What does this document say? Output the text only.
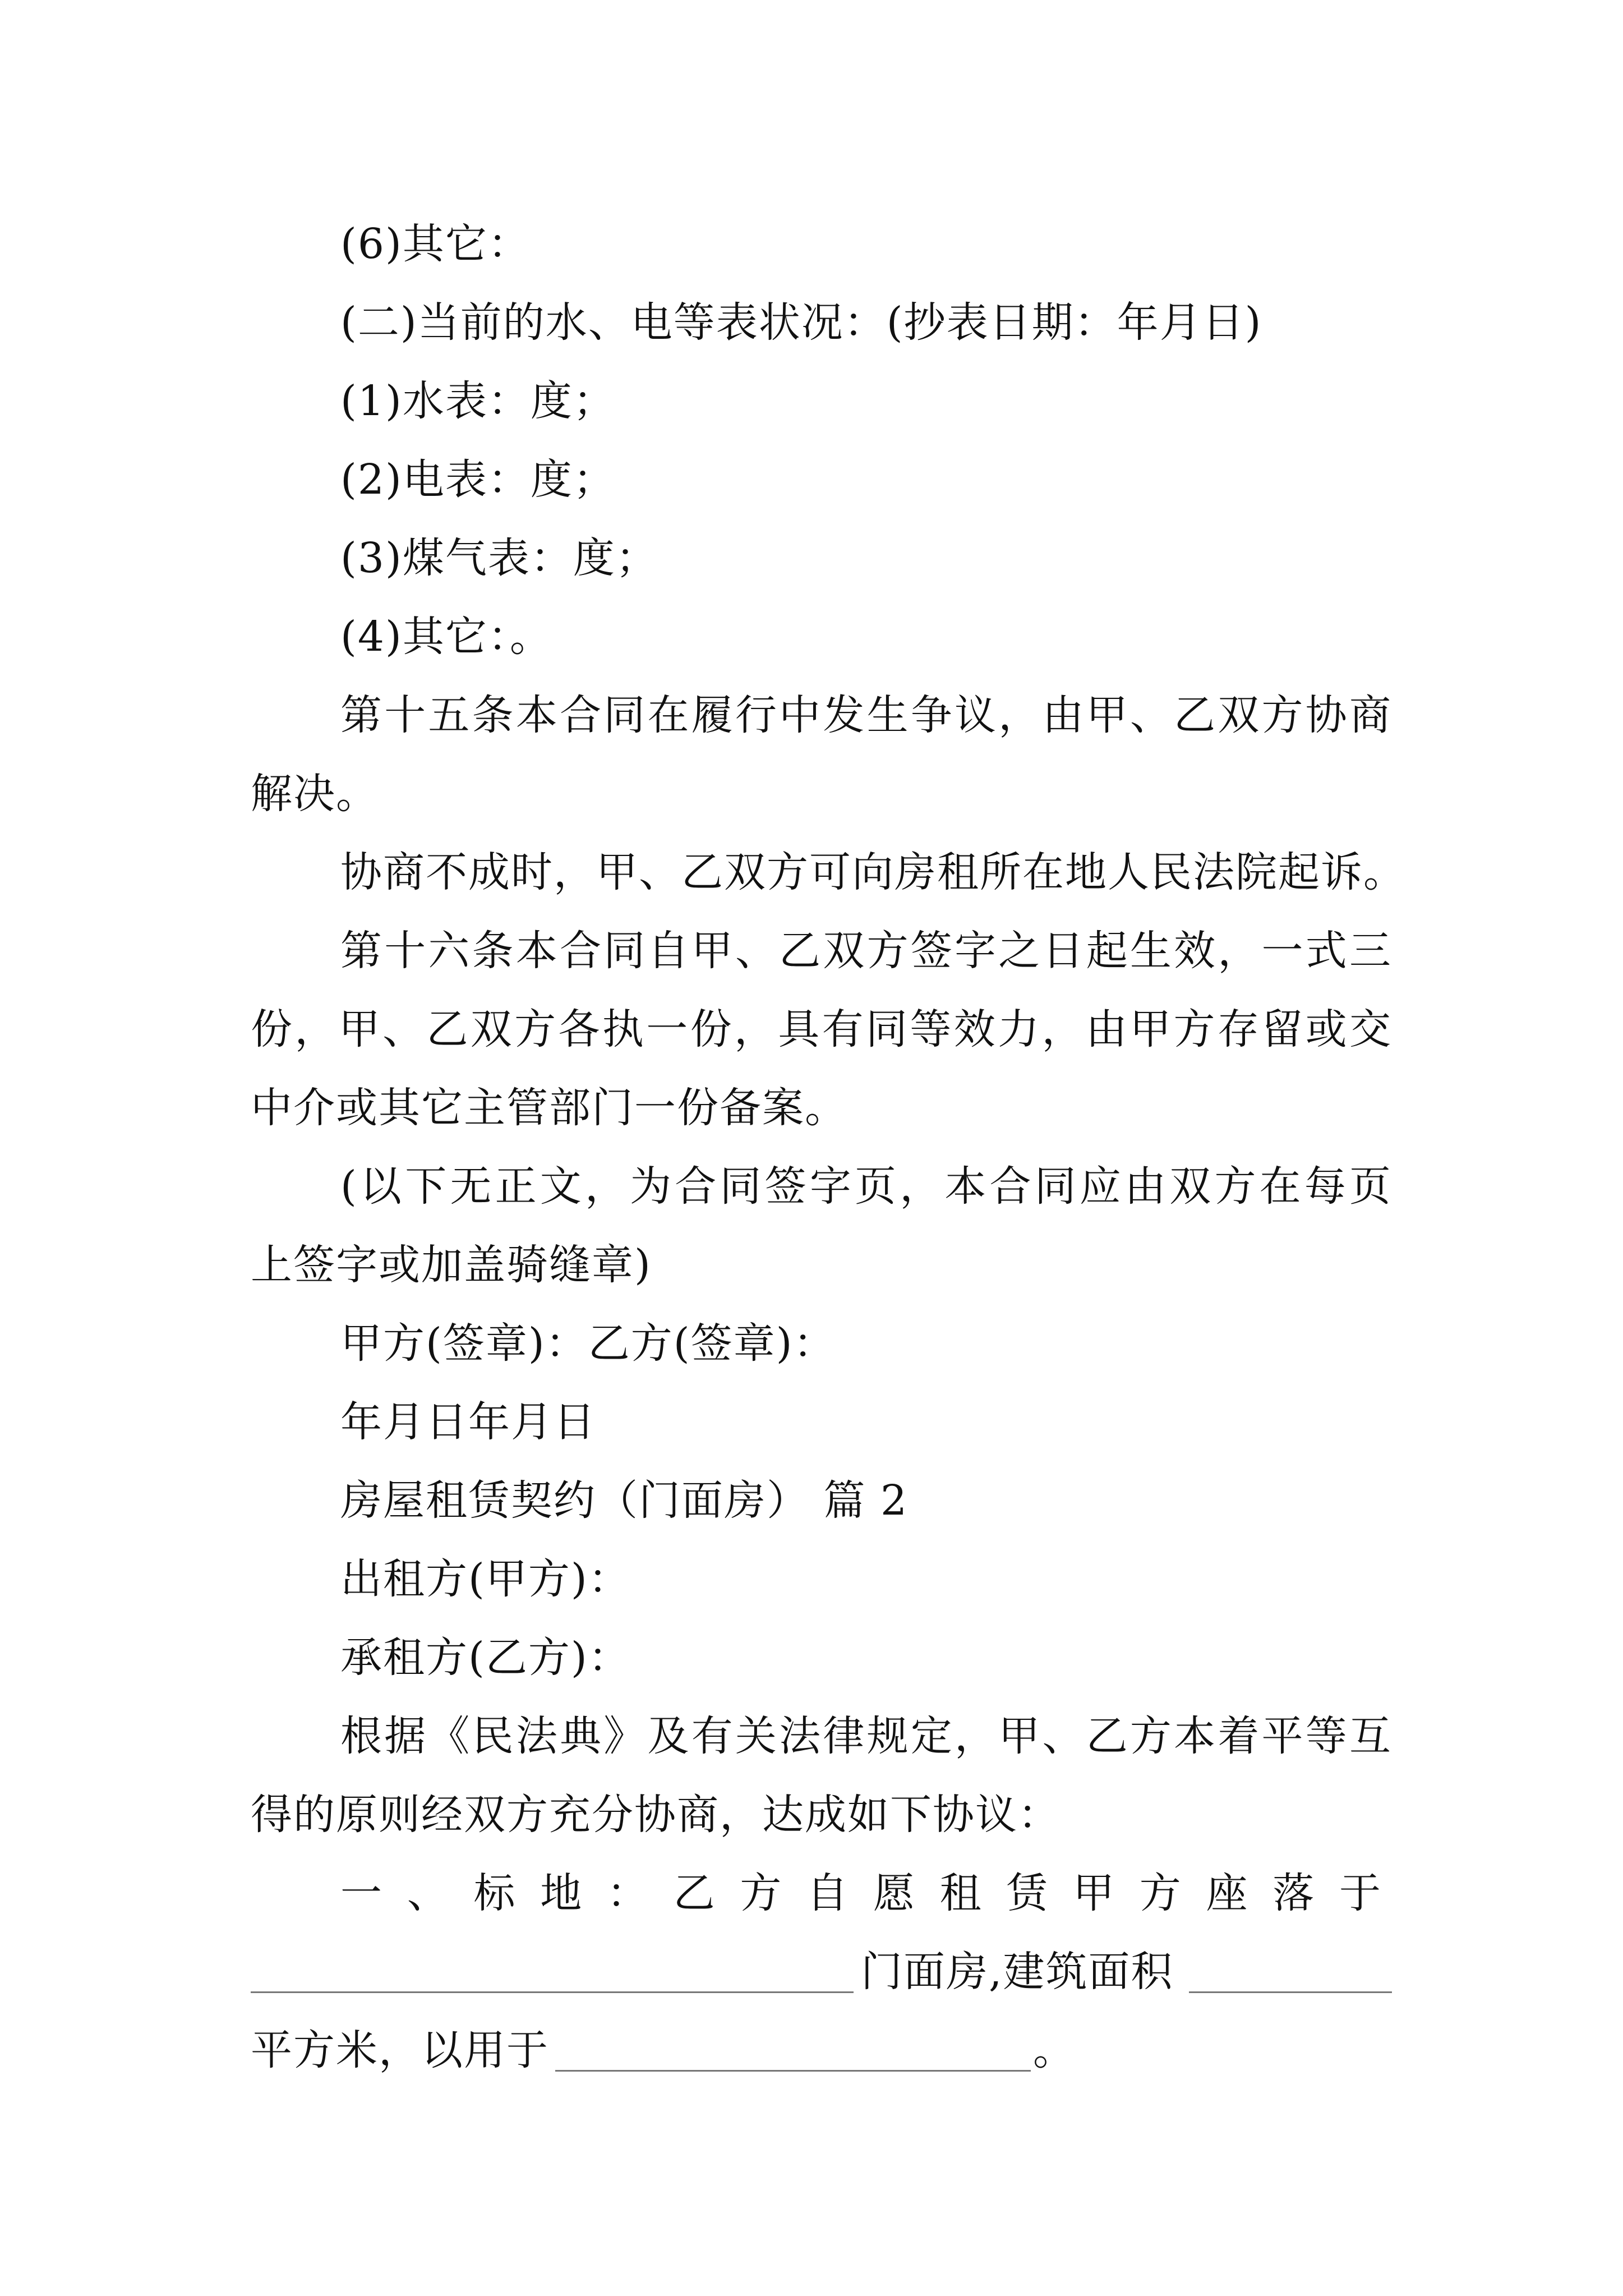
(6)其它：
(二)当前的水、电等表状况：(抄表日期：年月日)
(1)水表：度；
(2)电表：度；
(3)煤气表：度；
(4)其它：。
第十五条本合同在履行中发生争议，由甲、乙双方协商
解决。
协商不成时，甲、乙双方可向房租所在地人民法院起诉。
第十六条本合同自甲、乙双方签字之日起生效，一式三
份，甲、乙双方各执一份，具有同等效力，由甲方存留或交
中介或其它主管部门一份备案。
(以下无正文，为合同签字页，本合同应由双方在每页
上签字或加盖骑缝章)
甲方(签章)：乙方(签章)：
年月日年月日
房屋租赁契约（门面房） 篇 2
出租方(甲方)：
承租方(乙方)：
根据《民法典》及有关法律规定，甲、乙方本着平等互
得的原则经双方充分协商，达成如下协议：
一、标地：乙方自愿租赁甲方座落于
门面房,建筑面积
平方米，以用于	。
